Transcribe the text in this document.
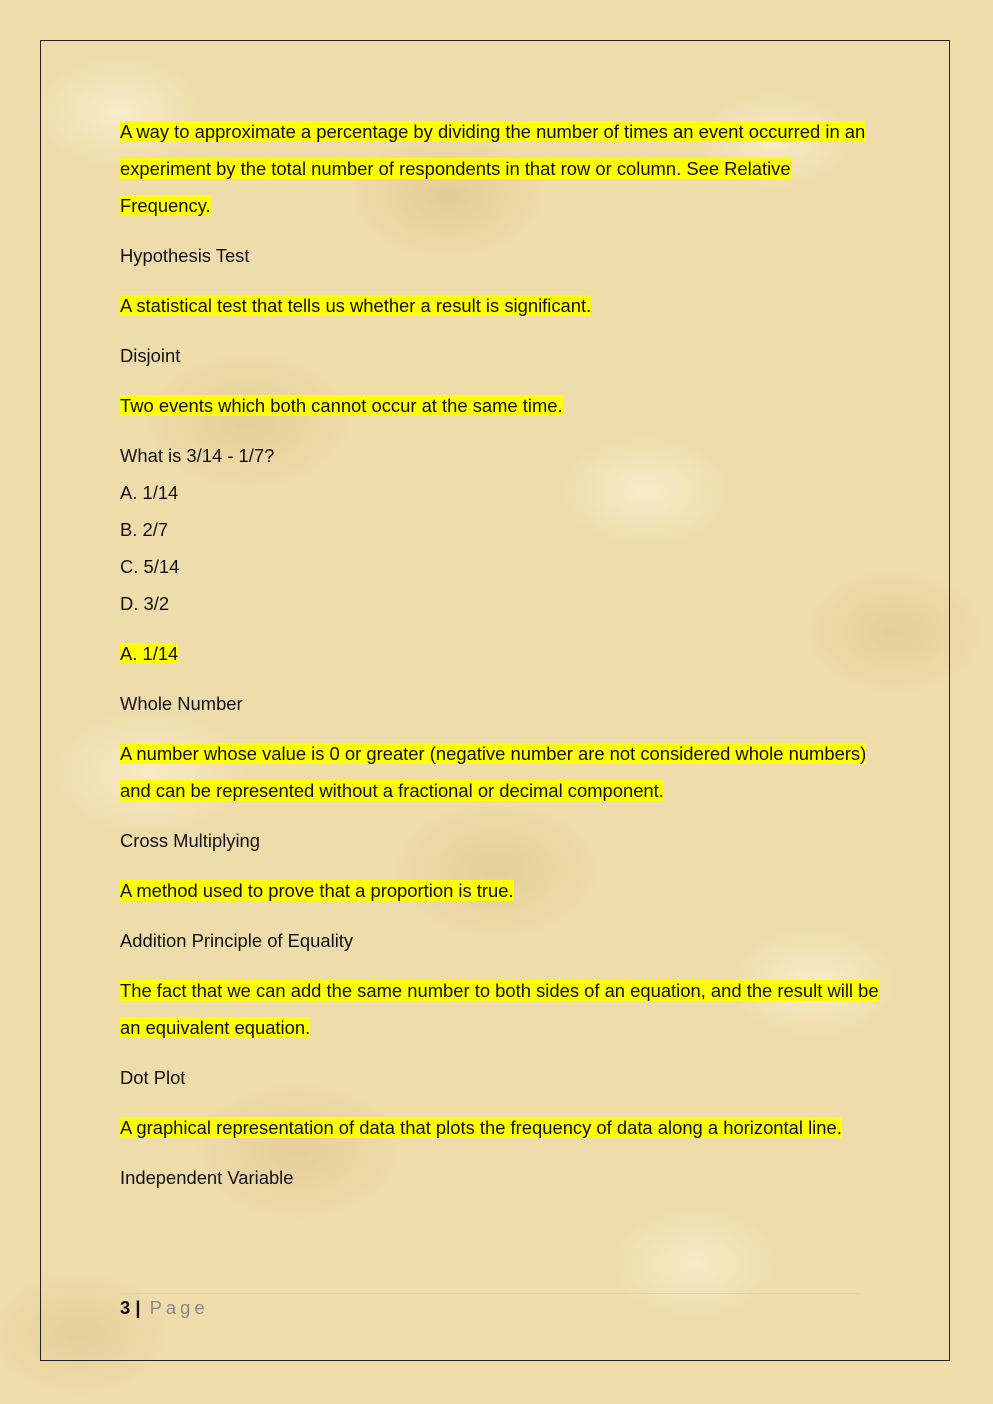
A way to approximate a percentage by dividing the number of times an event occurred in an experiment by the total number of respondents in that row or column. See Relative Frequency.

Hypothesis Test

A statistical test that tells us whether a result is significant.

Disjoint

Two events which both cannot occur at the same time.

What is 3/14 - 1/7?

A. 1/14

B. 2/7

C. 5/14

D. 3/2

A. 1/14

Whole Number

A number whose value is 0 or greater (negative number are not considered whole numbers) and can be represented without a fractional or decimal component.

Cross Multiplying

A method used to prove that a proportion is true.

Addition Principle of Equality

The fact that we can add the same number to both sides of an equation, and the result will be an equivalent equation.

Dot Plot

A graphical representation of data that plots the frequency of data along a horizontal line.

Independent Variable

3 | Page
